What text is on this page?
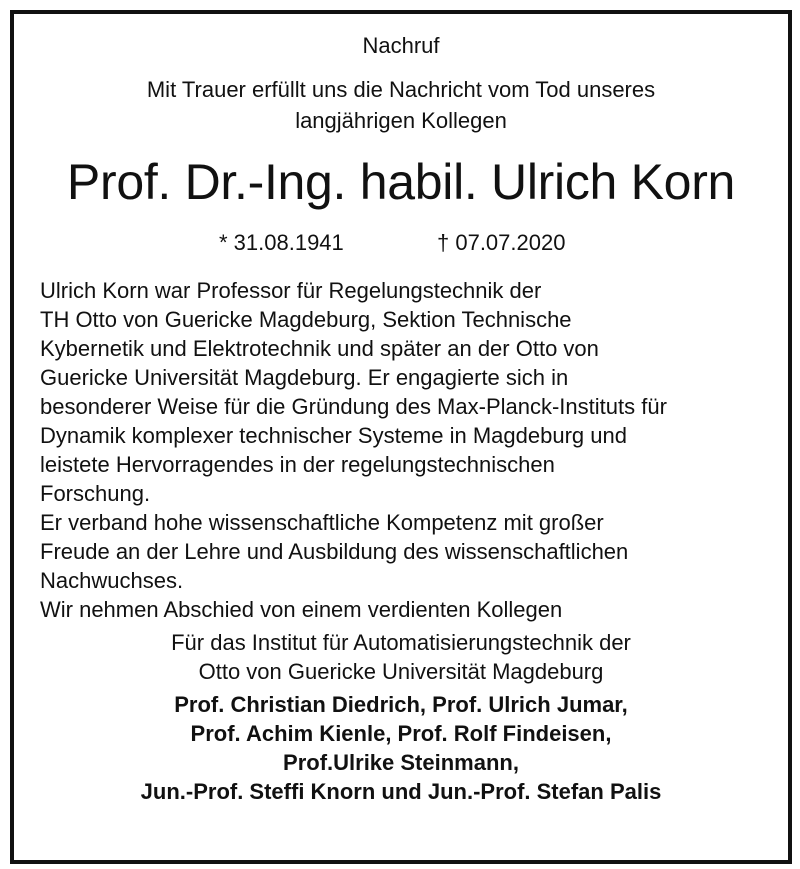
Nachruf
Mit Trauer erfüllt uns die Nachricht vom Tod unseres
langjährigen Kollegen
Prof. Dr.-Ing. habil. Ulrich Korn
* 31.08.1941	† 07.07.2020

Ulrich Korn war Professor für Regelungstechnik der
TH Otto von Guericke Magdeburg, Sektion Technische
Kybernetik und Elektrotechnik und später an der Otto von
Guericke Universität Magdeburg. Er engagierte sich in
besonderer Weise für die Gründung des Max-Planck-Instituts für
Dynamik komplexer technischer Systeme in Magdeburg und
leistete Hervorragendes in der regelungstechnischen
Forschung.

Er verband hohe wissenschaftliche Kompetenz mit großer
Freude an der Lehre und Ausbildung des wissenschaftlichen
Nachwuchses.

Wir nehmen Abschied von einem verdienten Kollegen

Für das Institut für Automatisierungstechnik der
Otto von Guericke Universität Magdeburg
Prof. Christian Diedrich, Prof. Ulrich Jumar,
Prof. Achim Kienle, Prof. Rolf Findeisen,
Prof.Ulrike Steinmann,
Jun.-Prof. Steffi Knorn und Jun.-Prof. Stefan Palis
